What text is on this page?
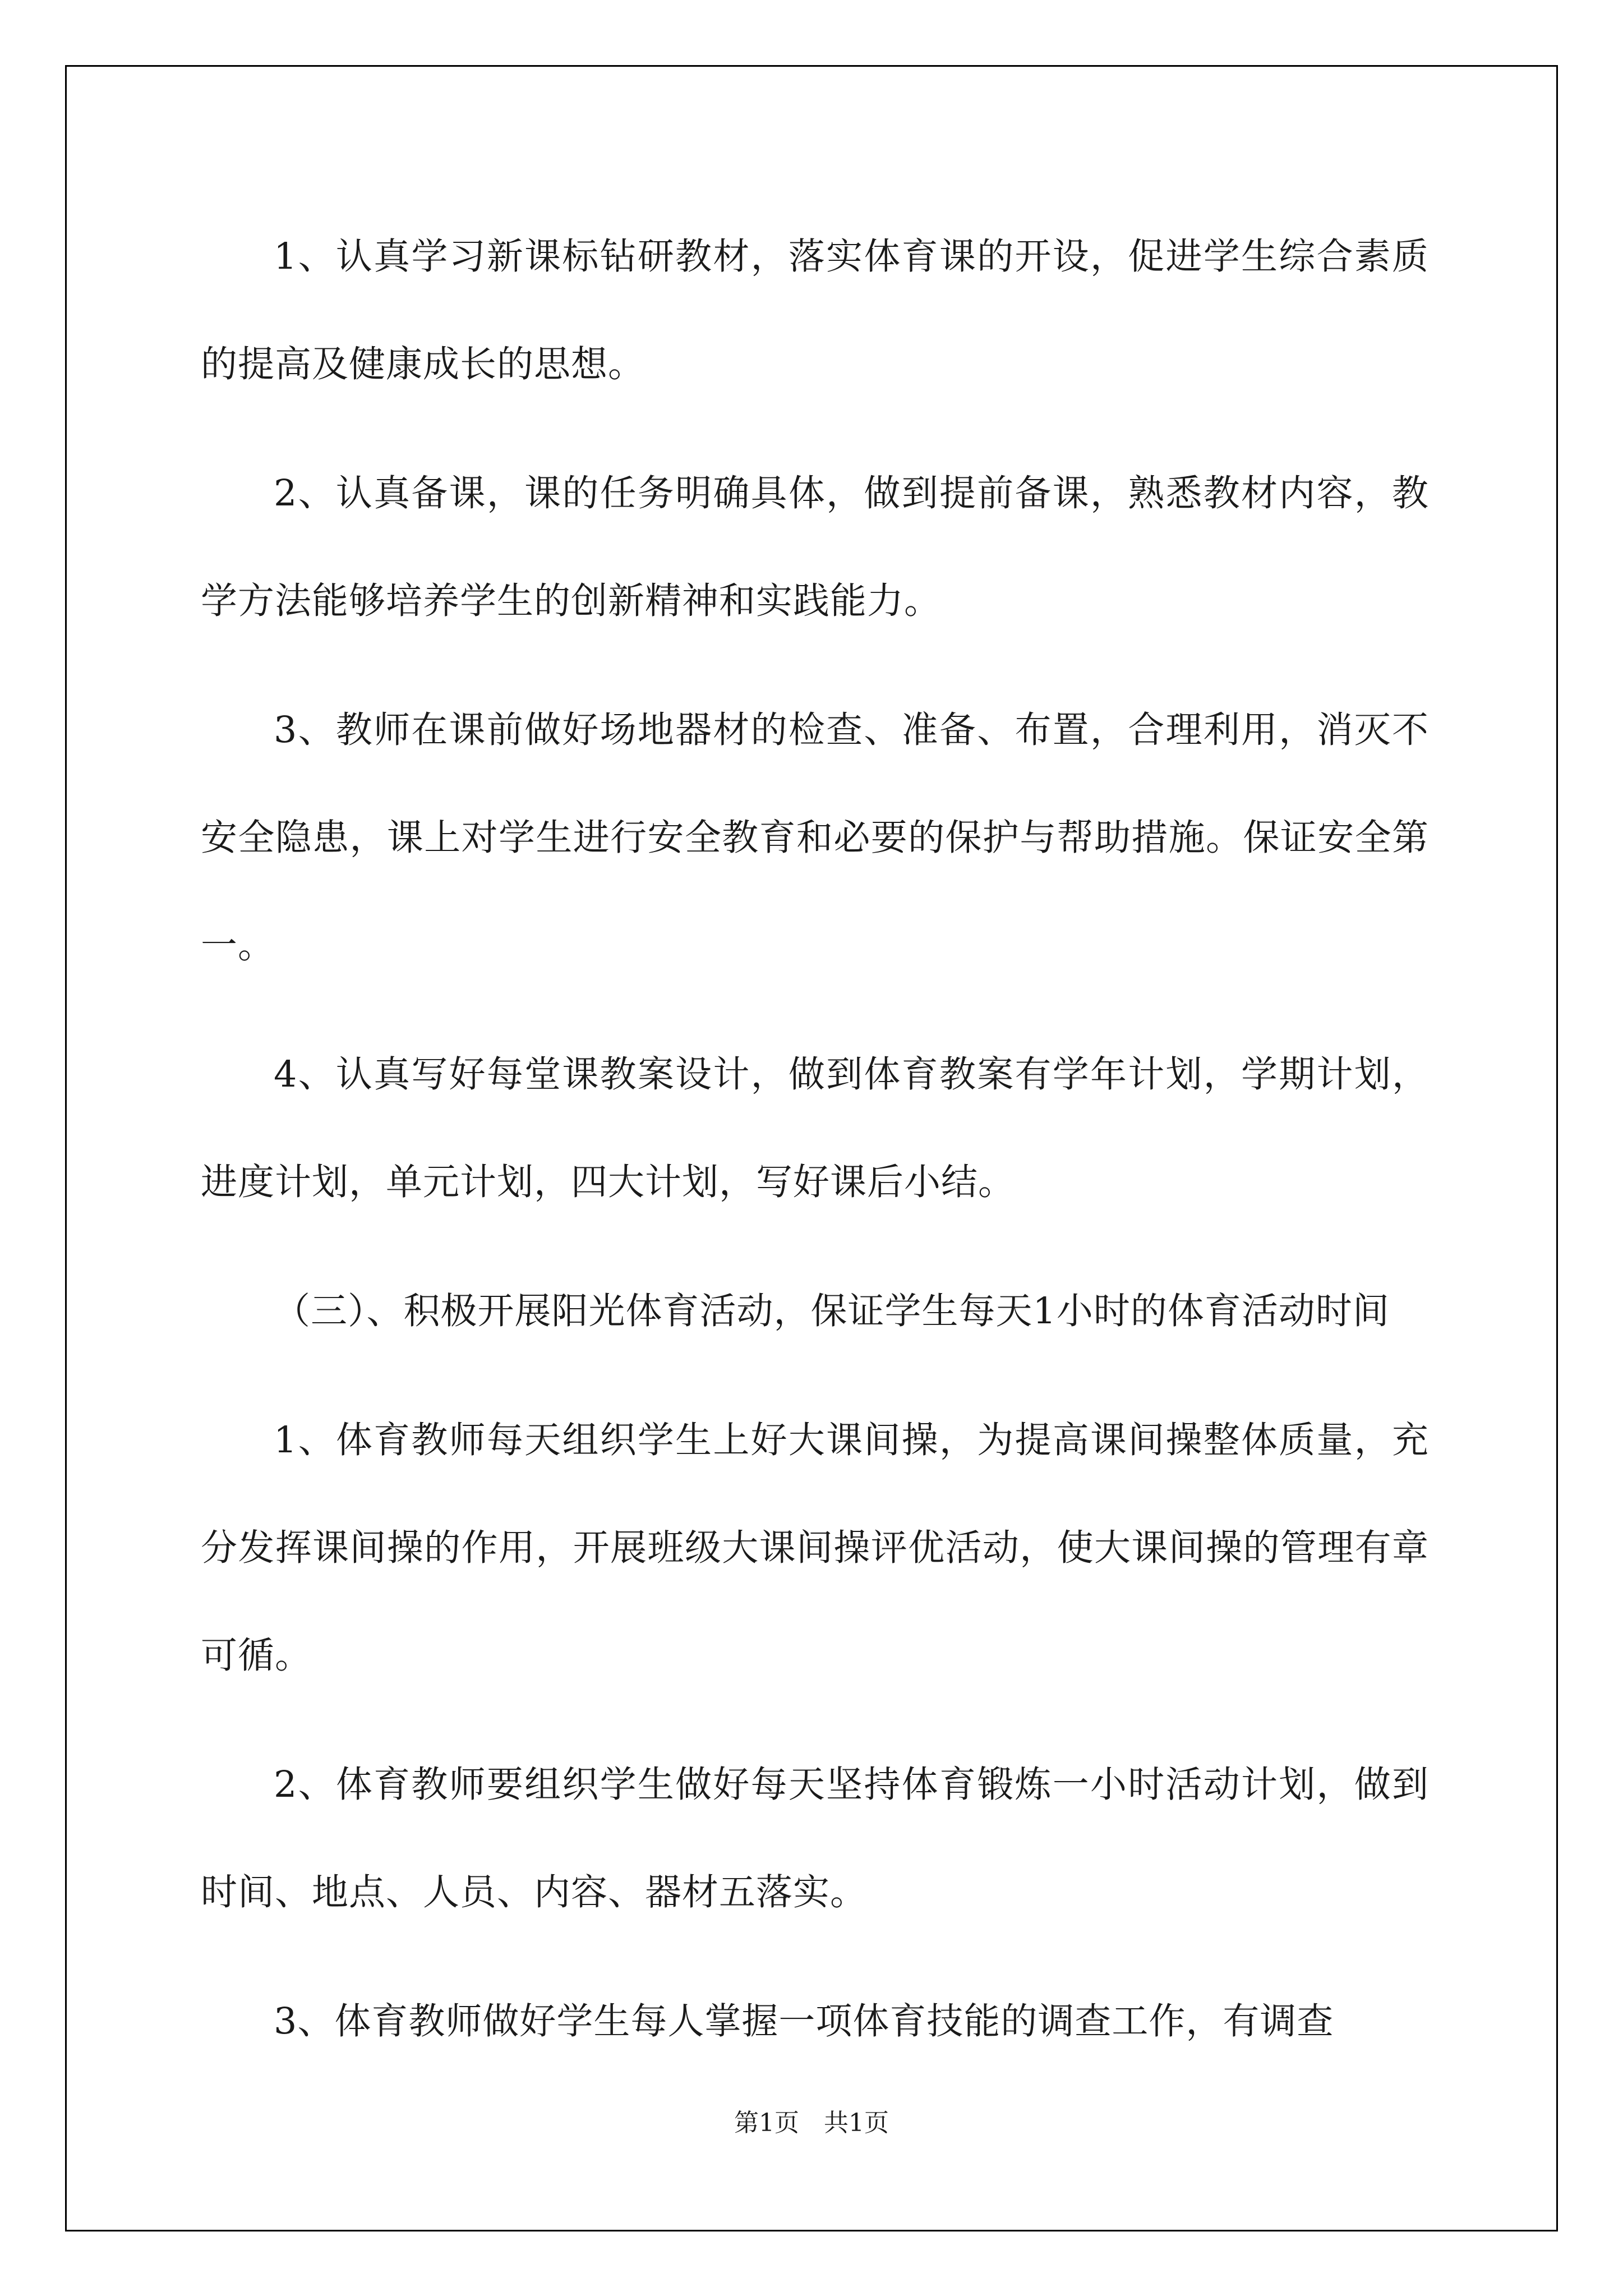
1、认真学习新课标钻研教材，落实体育课的开设，促进学生综合素质的提高及健康成长的思想。

2、认真备课，课的任务明确具体，做到提前备课，熟悉教材内容，教学方法能够培养学生的创新精神和实践能力。

3、教师在课前做好场地器材的检查、准备、布置，合理利用，消灭不安全隐患，课上对学生进行安全教育和必要的保护与帮助措施。保证安全第一。

4、认真写好每堂课教案设计，做到体育教案有学年计划，学期计划，进度计划，单元计划，四大计划，写好课后小结。

（三）、积极开展阳光体育活动，保证学生每天1小时的体育活动时间

1、体育教师每天组织学生上好大课间操，为提高课间操整体质量，充分发挥课间操的作用，开展班级大课间操评优活动，使大课间操的管理有章可循。

2、体育教师要组织学生做好每天坚持体育锻炼一小时活动计划，做到时间、地点、人员、内容、器材五落实。

3、体育教师做好学生每人掌握一项体育技能的调查工作，有调查

第1页　共1页
